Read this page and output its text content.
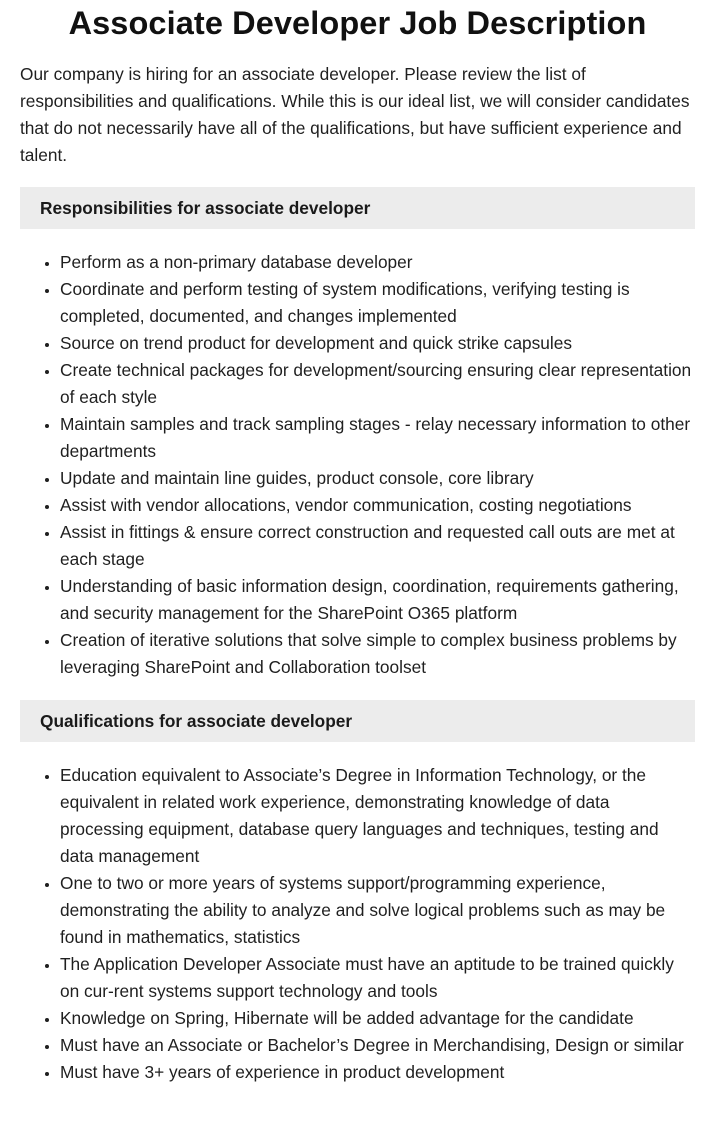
Associate Developer Job Description

Our company is hiring for an associate developer. Please review the list of responsibilities and qualifications. While this is our ideal list, we will consider candidates that do not necessarily have all of the qualifications, but have sufficient experience and talent.

Responsibilities for associate developer
• Perform as a non-primary database developer
• Coordinate and perform testing of system modifications, verifying testing is completed, documented, and changes implemented
• Source on trend product for development and quick strike capsules
• Create technical packages for development/sourcing ensuring clear representation of each style
• Maintain samples and track sampling stages - relay necessary information to other departments
• Update and maintain line guides, product console, core library
• Assist with vendor allocations, vendor communication, costing negotiations
• Assist in fittings & ensure correct construction and requested call outs are met at each stage
• Understanding of basic information design, coordination, requirements gathering, and security management for the SharePoint O365 platform
• Creation of iterative solutions that solve simple to complex business problems by leveraging SharePoint and Collaboration toolset
Qualifications for associate developer
• Education equivalent to Associate’s Degree in Information Technology, or the equivalent in related work experience, demonstrating knowledge of data processing equipment, database query languages and techniques, testing and data management
• One to two or more years of systems support/programming experience, demonstrating the ability to analyze and solve logical problems such as may be found in mathematics, statistics
• The Application Developer Associate must have an aptitude to be trained quickly on cur-rent systems support technology and tools
• Knowledge on Spring, Hibernate will be added advantage for the candidate
• Must have an Associate or Bachelor’s Degree in Merchandising, Design or similar
• Must have 3+ years of experience in product development
